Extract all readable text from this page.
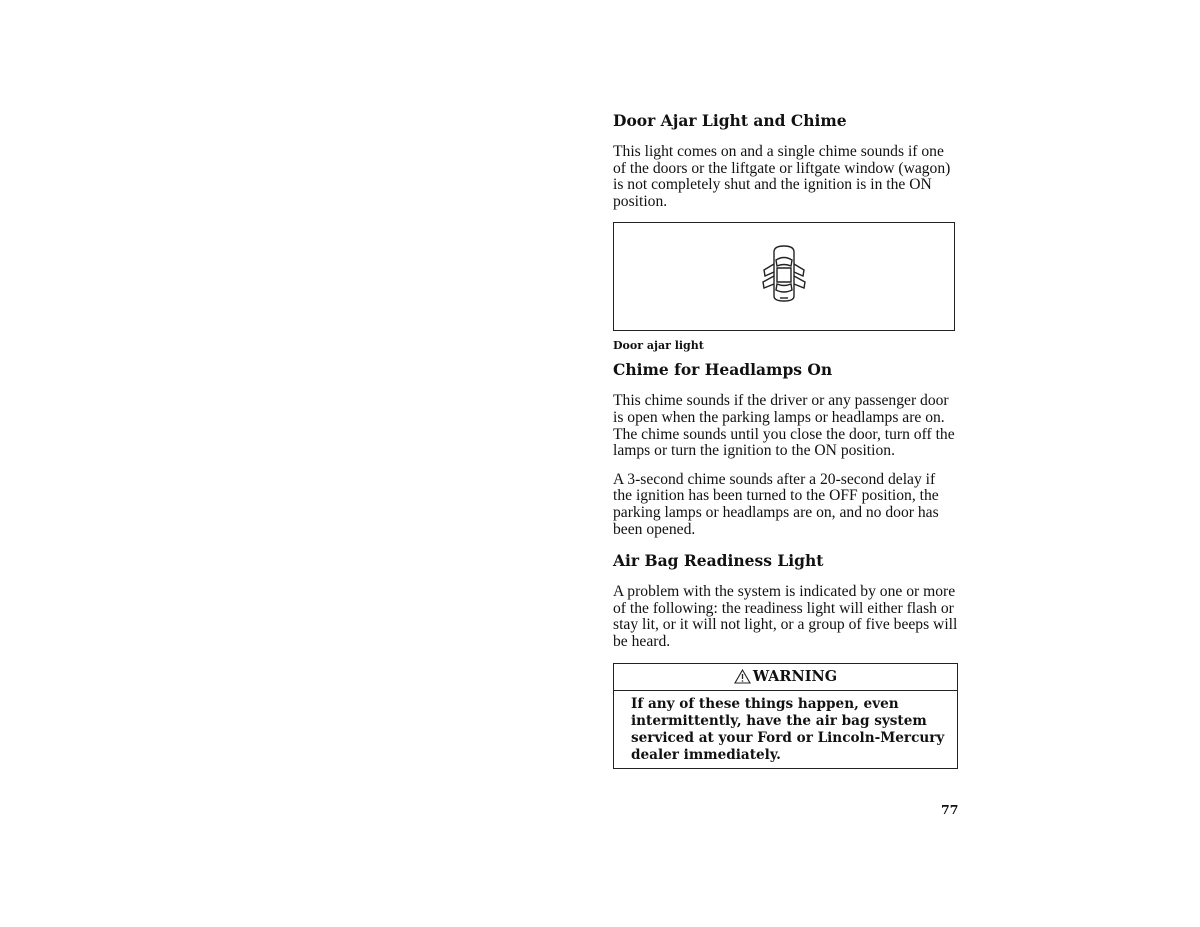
Door Ajar Light and Chime

This light comes on and a single chime sounds if one of the doors or the liftgate or liftgate window (wagon) is not completely shut and the ignition is in the ON position.

Door ajar light
Chime for Headlamps On

This chime sounds if the driver or any passenger door is open when the parking lamps or headlamps are on. The chime sounds until you close the door, turn off the lamps or turn the ignition to the ON position.

A 3-second chime sounds after a 20-second delay if the ignition has been turned to the OFF position, the parking lamps or headlamps are on, and no door has been opened.

Air Bag Readiness Light

A problem with the system is indicated by one or more of the following: the readiness light will either flash or stay lit, or it will not light, or a group of five beeps will be heard.

WARNING
If any of these things happen, even intermittently, have the air bag system serviced at your Ford or Lincoln-Mercury dealer immediately.
77
